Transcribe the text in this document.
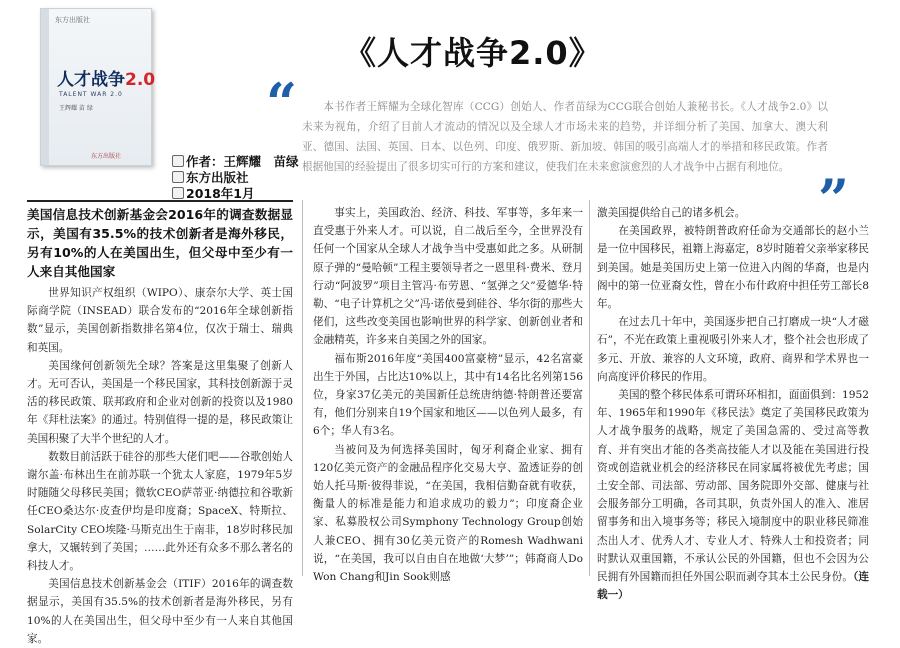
东方出版社
人才战争2.0
TALENT WAR 2.0
王辉耀 苗 绿
东方出版社	作者：王辉耀　苗绿
东方出版社
2018年1月
《人才战争2.0》
“	本书作者王辉耀为全球化智库（CCG）创始人、作者苗绿为CCG联合创始人兼秘书长。《人才战争2.0》以未来为视角，介绍了目前人才流动的情况以及全球人才市场未来的趋势，并详细分析了美国、加拿大、澳大利亚、德国、法国、英国、日本、以色列、印度、俄罗斯、新加坡、韩国的吸引高端人才的举措和移民政策。作者根据他国的经验提出了很多切实可行的方案和建议，使我们在未来愈演愈烈的人才战争中占据有利地位。 ”

美国信息技术创新基金会2016年的调查数据显示，美国有35.5%的技术创新者是海外移民，另有10%的人在美国出生，但父母中至少有一人来自其他国家

世界知识产权组织（WIPO）、康奈尔大学、英士国际商学院（INSEAD）联合发布的“2016年全球创新指数”显示，美国创新指数排名第4位，仅次于瑞士、瑞典和英国。

美国缘何创新领先全球？答案是这里集聚了创新人才。无可否认，美国是一个移民国家，其科技创新源于灵活的移民政策、联邦政府和企业对创新的投资以及1980年《拜杜法案》的通过。特别值得一提的是，移民政策让美国积聚了大半个世纪的人才。

数数目前活跃于硅谷的那些大佬们吧——谷歌创始人谢尔盖·布林出生在前苏联一个犹太人家庭，1979年5岁时随随父母移民美国；微软CEO萨蒂亚·纳德拉和谷歌新任CEO桑达尔·皮查伊均是印度裔；SpaceX、特斯拉、SolarCity CEO埃隆·马斯克出生于南非，18岁时移民加拿大，又辗转到了美国；……此外还有众多不那么著名的科技人才。

美国信息技术创新基金会（ITIF）2016年的调查数据显示，美国有35.5%的技术创新者是海外移民，另有10%的人在美国出生，但父母中至少有一人来自其他国家。

事实上，美国政治、经济、科技、军事等，多年来一直受惠于外来人才。可以说，自二战后至今，全世界没有任何一个国家从全球人才战争当中受惠如此之多。从研制原子弹的“曼哈顿”工程主要领导者之一恩里科·费米、登月行动“阿波罗”项目主管冯·布劳恩、“氢弹之父”爱德华·特勒、“电子计算机之父”冯·诺依曼到硅谷、华尔街的那些大佬们，这些改变美国也影响世界的科学家、创新创业者和金融精英，许多来自美国之外的国家。

福布斯2016年度“美国400富豪榜”显示，42名富豪出生于外国，占比达10%以上，其中有14名比名列第156位，身家37亿美元的美国新任总统唐纳德·特朗普还要富有，他们分别来自19个国家和地区——以色列人最多，有6个；华人有3名。

当被问及为何选择美国时，匈牙利裔企业家、拥有120亿美元资产的金融品程序化交易大亨、盈透证券的创始人托马斯·彼得菲说，“在美国，我相信勤奋就有收获，衡量人的标准是能力和追求成功的毅力”；印度裔企业家、私募股权公司Symphony Technology Group创始人兼CEO、拥有30亿美元资产的Romesh Wadhwani说，“在美国，我可以自由自在地做‘大梦’”；韩裔商人Do Won Chang和Jin Sook则感

激美国提供给自己的诸多机会。

在美国政界，被特朗普政府任命为交通部长的赵小兰是一位中国移民，祖籍上海嘉定，8岁时随着父亲举家移民到美国。她是美国历史上第一位进入内阁的华裔，也是内阁中的第一位亚裔女性，曾在小布什政府中担任劳工部长8年。

在过去几十年中，美国逐步把自己打磨成一块“人才磁石”，不光在政策上重视吸引外来人才，整个社会也形成了多元、开放、兼容的人文环境，政府、商界和学术界也一向高度评价移民的作用。

美国的整个移民体系可谓环环相扣，面面俱到：1952年、1965年和1990年《移民法》奠定了美国移民政策为人才战争服务的战略，规定了美国急需的、受过高等教育、并有突出才能的各类高技能人才以及能在美国进行投资或创造就业机会的经济移民在同家属将被优先考虑；国土安全部、司法部、劳动部、国务院即外交部、健康与社会服务部分工明确，各司其职，负责外国人的准入、准居留事务和出入境事务等；移民入境制度中的职业移民筛准杰出人才、优秀人才、专业人才、特殊人士和投资者；同时默认双重国籍，不承认公民的外国籍，但也不会因为公民拥有外国籍而担任外国公职而剥夺其本土公民身份。（连载一）
